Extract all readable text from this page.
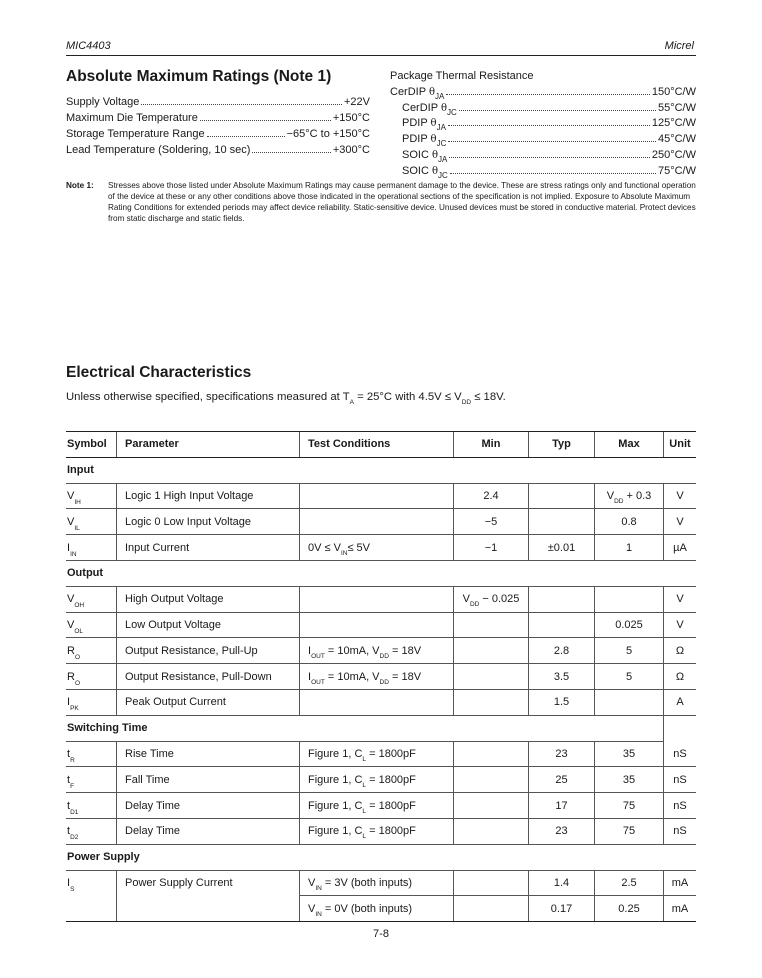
MIC4403	Micrel
Absolute Maximum Ratings (Note 1)
Supply Voltage	+22V
Maximum Die Temperature	+150°C
Storage Temperature Range	−65°C to +150°C
Lead Temperature (Soldering, 10 sec)	+300°C
Package Thermal Resistance
CerDIP $\theta_{JA}$	150°C/W
CerDIP $\theta_{JC}$	55°C/W
PDIP $\theta_{JA}$	125°C/W
PDIP $\theta_{JC}$	45°C/W
SOIC $\theta_{JA}$	250°C/W
SOIC $\theta_{JC}$	75°C/W
Note 1:	Stresses above those listed under Absolute Maximum Ratings may cause permanent damage to the device. These are stress ratings only and functional operation of the device at these or any other conditions above those indicated in the operational sections of the specification is not implied. Exposure to Absolute Maximum Rating Conditions for extended periods may affect device reliability. Static-sensitive device. Unused devices must be stored in conductive material. Protect devices from static discharge and static fields.
Electrical Characteristics
Unless otherwise specified, specifications measured at $T_A = 25^\circ C$ with $4.5V \le V_{DD} \le 18V$.
Symbol	Parameter	Test Conditions	Min	Typ	Max	Unit
Input						
$V_{IH}$	Logic 1 High Input Voltage		2.4		$V_{DD} + 0.3$	V
$V_{IL}$	Logic 0 Low Input Voltage		−5		0.8	V
$I_{IN}$	Input Current	$0V \le V_{IN}\le 5V$	−1	±0.01	1	µA
Output						
$V_{OH}$	High Output Voltage		$V_{DD} - 0.025$			V
$V_{OL}$	Low Output Voltage				0.025	V
$R_O$	Output Resistance, Pull-Up	$I_{OUT} = 10mA$, $V_{DD} = 18V$		2.8	5	Ω
$R_O$	Output Resistance, Pull-Down	$I_{OUT} = 10mA$, $V_{DD} = 18V$		3.5	5	Ω
$I_{PK}$	Peak Output Current			1.5		A
Switching Time						
$t_R$	Rise Time	Figure 1, $C_L = 1800pF$		23	35	nS
$t_F$	Fall Time	Figure 1, $C_L = 1800pF$		25	35	nS
$t_{D1}$	Delay Time	Figure 1, $C_L = 1800pF$		17	75	nS
$t_{D2}$	Delay Time	Figure 1, $C_L = 1800pF$		23	75	nS
Power Supply						
$I_S$	Power Supply Current	$V_{IN} = 3V$ (both inputs)		1.4	2.5	mA
		$V_{IN} = 0V$ (both inputs)		0.17	0.25	mA
7-8
